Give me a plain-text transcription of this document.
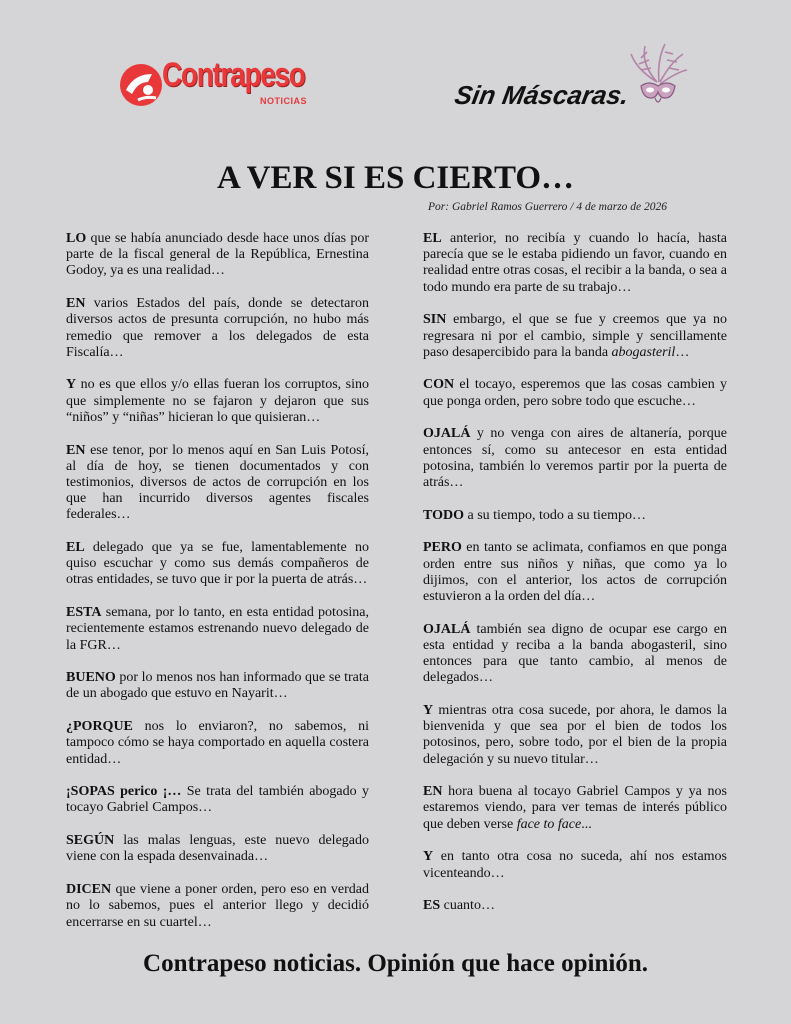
Contrapeso
NOTICIAS	Sin Máscaras.
A VER SI ES CIERTO…
Por: Gabriel Ramos Guerrero / 4 de marzo de 2026

LO que se había anunciado desde hace unos días por parte de la fiscal general de la República, Ernestina Godoy, ya es una realidad…

EN varios Estados del país, donde se detectaron diversos actos de presunta corrupción, no hubo más remedio que remover a los delegados de esta Fiscalía…

Y no es que ellos y/o ellas fueran los corruptos, sino que simplemente no se fajaron y dejaron que sus “niños” y “niñas” hicieran lo que quisieran…

EN ese tenor, por lo menos aquí en San Luis Potosí, al día de hoy, se tienen documentados y con testimonios, diversos de actos de corrupción en los que han incurrido diversos agentes fiscales federales…

EL delegado que ya se fue, lamentablemente no quiso escuchar y como sus demás compañeros de otras entidades, se tuvo que ir por la puerta de atrás…

ESTA semana, por lo tanto, en esta entidad potosina, recientemente estamos estrenando nuevo delegado de la FGR…

BUENO por lo menos nos han informado que se trata de un abogado que estuvo en Nayarit…

¿PORQUE nos lo enviaron?, no sabemos, ni tampoco cómo se haya comportado en aquella costera entidad…

¡SOPAS perico ¡… Se trata del también abogado y tocayo Gabriel Campos…

SEGÚN las malas lenguas, este nuevo delegado viene con la espada desenvainada…

DICEN que viene a poner orden, pero eso en verdad no lo sabemos, pues el anterior llego y decidió encerrarse en su cuartel…

EL anterior, no recibía y cuando lo hacía, hasta parecía que se le estaba pidiendo un favor, cuando en realidad entre otras cosas, el recibir a la banda, o sea a todo mundo era parte de su trabajo…

SIN embargo, el que se fue y creemos que ya no regresara ni por el cambio, simple y sencillamente paso desapercibido para la banda abogasteril…

CON el tocayo, esperemos que las cosas cambien y que ponga orden, pero sobre todo que escuche…

OJALÁ y no venga con aires de altanería, porque entonces sí, como su antecesor en esta entidad potosina, también lo veremos partir por la puerta de atrás…

TODO a su tiempo, todo a su tiempo…

PERO en tanto se aclimata, confiamos en que ponga orden entre sus niños y niñas, que como ya lo dijimos, con el anterior, los actos de corrupción estuvieron a la orden del día…

OJALÁ también sea digno de ocupar ese cargo en esta entidad y reciba a la banda abogasteril, sino entonces para que tanto cambio, al menos de delegados…

Y mientras otra cosa sucede, por ahora, le damos la bienvenida y que sea por el bien de todos los potosinos, pero, sobre todo, por el bien de la propia delegación y su nuevo titular…

EN hora buena al tocayo Gabriel Campos y ya nos estaremos viendo, para ver temas de interés público que deben verse face to face...

Y en tanto otra cosa no suceda, ahí nos estamos vicenteando…

ES cuanto…

Contrapeso noticias. Opinión que hace opinión.
